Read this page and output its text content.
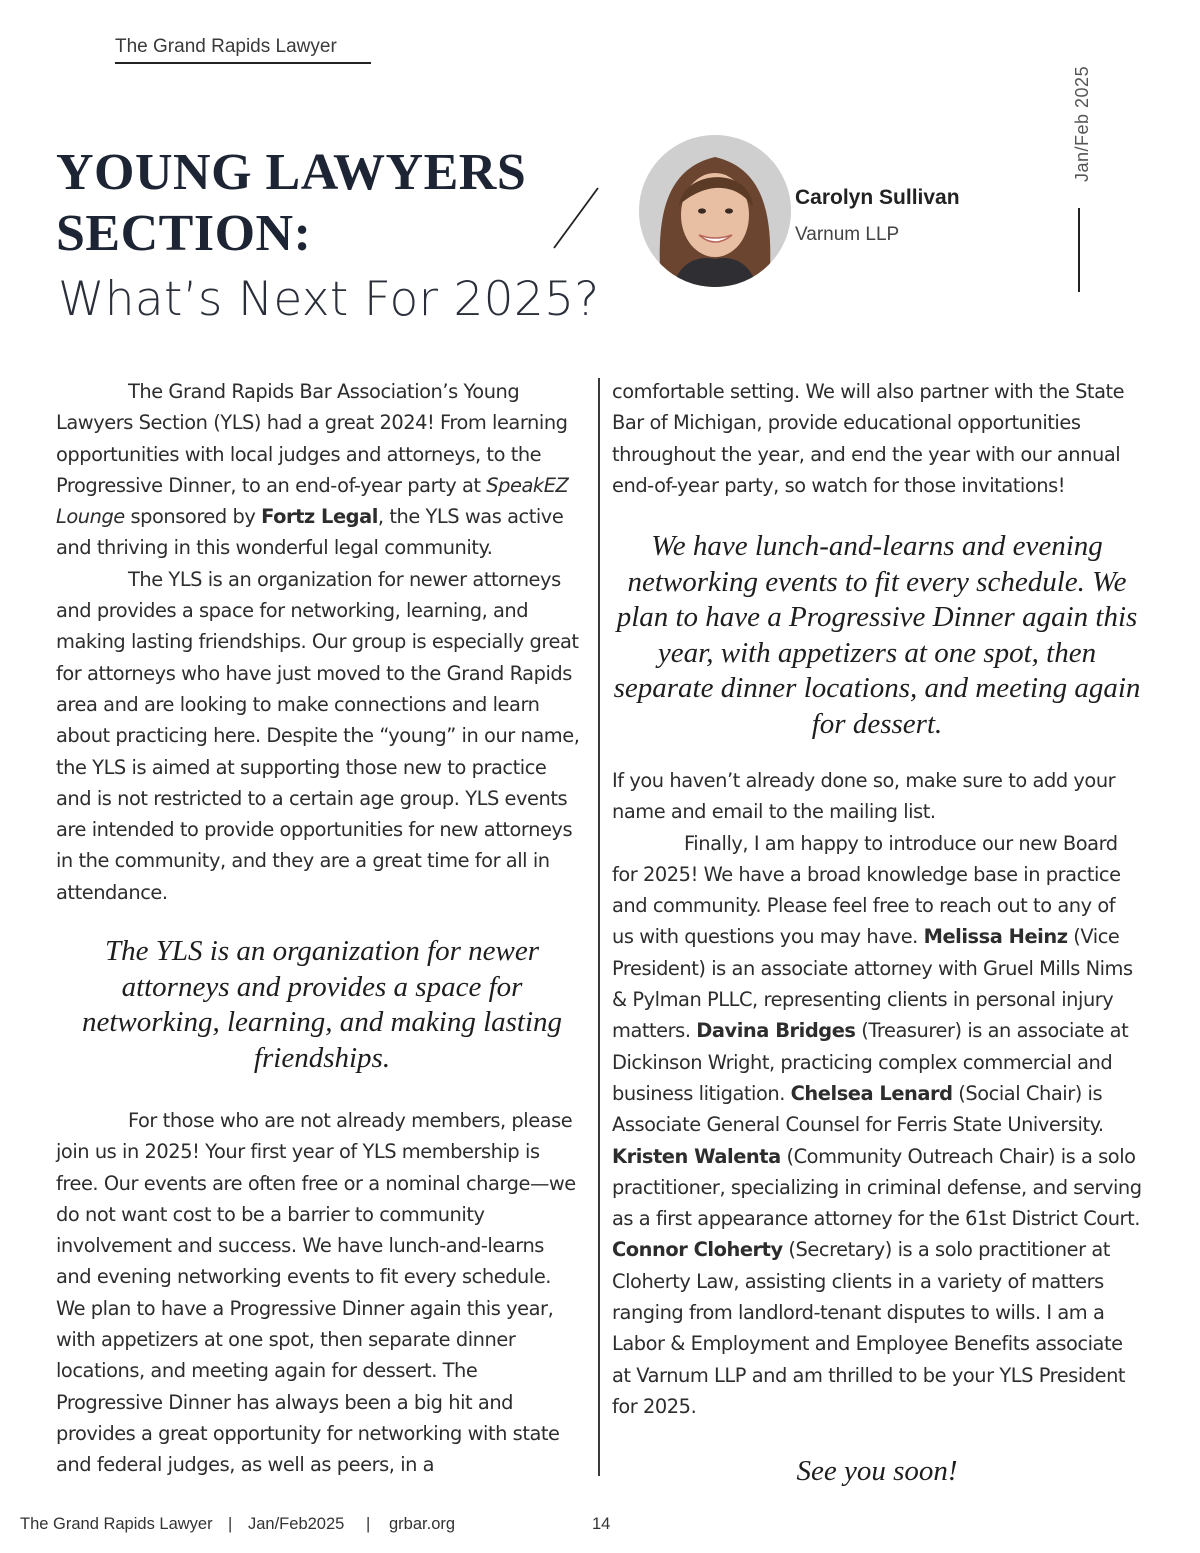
The Grand Rapids Lawyer
Jan/Feb 2025
YOUNG LAWYERS
SECTION:
What’s Next For 2025?
Carolyn Sullivan
Varnum LLP

The Grand Rapids Bar Association’s Young Lawyers Section (YLS) had a great 2024! From learning opportunities with local judges and attorneys, to the Progressive Dinner, to an end-of-year party at SpeakEZ Lounge sponsored by Fortz Legal, the YLS was active and thriving in this wonderful legal community.

The YLS is an organization for newer attorneys and provides a space for networking, learning, and making lasting friendships. Our group is especially great for attorneys who have just moved to the Grand Rapids area and are looking to make connections and learn about practicing here. Despite the “young” in our name, the YLS is aimed at supporting those new to practice and is not restricted to a certain age group. YLS events are intended to provide opportunities for new attorneys in the community, and they are a great time for all in attendance.

The YLS is an organization for newer attorneys and provides a space for networking, learning, and making lasting friendships.

For those who are not already members, please join us in 2025! Your first year of YLS membership is free. Our events are often free or a nominal charge—we do not want cost to be a barrier to community involvement and success. We have lunch-and-learns and evening networking events to fit every schedule. We plan to have a Progressive Dinner again this year, with appetizers at one spot, then separate dinner locations, and meeting again for dessert. The Progressive Dinner has always been a big hit and provides a great opportunity for networking with state and federal judges, as well as peers, in a

comfortable setting. We will also partner with the State Bar of Michigan, provide educational opportunities throughout the year, and end the year with our annual end-of-year party, so watch for those invitations!

We have lunch-and-learns and evening networking events to fit every schedule. We plan to have a Progressive Dinner again this year, with appetizers at one spot, then separate dinner locations, and meeting again for dessert.

If you haven’t already done so, make sure to add your name and email to the mailing list.

Finally, I am happy to introduce our new Board for 2025! We have a broad knowledge base in practice and community. Please feel free to reach out to any of us with questions you may have. Melissa Heinz (Vice President) is an associate attorney with Gruel Mills Nims & Pylman PLLC, representing clients in personal injury matters. Davina Bridges (Treasurer) is an associate at Dickinson Wright, practicing complex commercial and business litigation. Chelsea Lenard (Social Chair) is Associate General Counsel for Ferris State University. Kristen Walenta (Community Outreach Chair) is a solo practitioner, specializing in criminal defense, and serving as a first appearance attorney for the 61st District Court. Connor Cloherty (Secretary) is a solo practitioner at Cloherty Law, assisting clients in a variety of matters ranging from landlord-tenant disputes to wills. I am a Labor & Employment and Employee Benefits associate at Varnum LLP and am thrilled to be your YLS President for 2025.

See you soon!
The Grand Rapids Lawyer | Jan/Feb2025 | grbar.org	14
